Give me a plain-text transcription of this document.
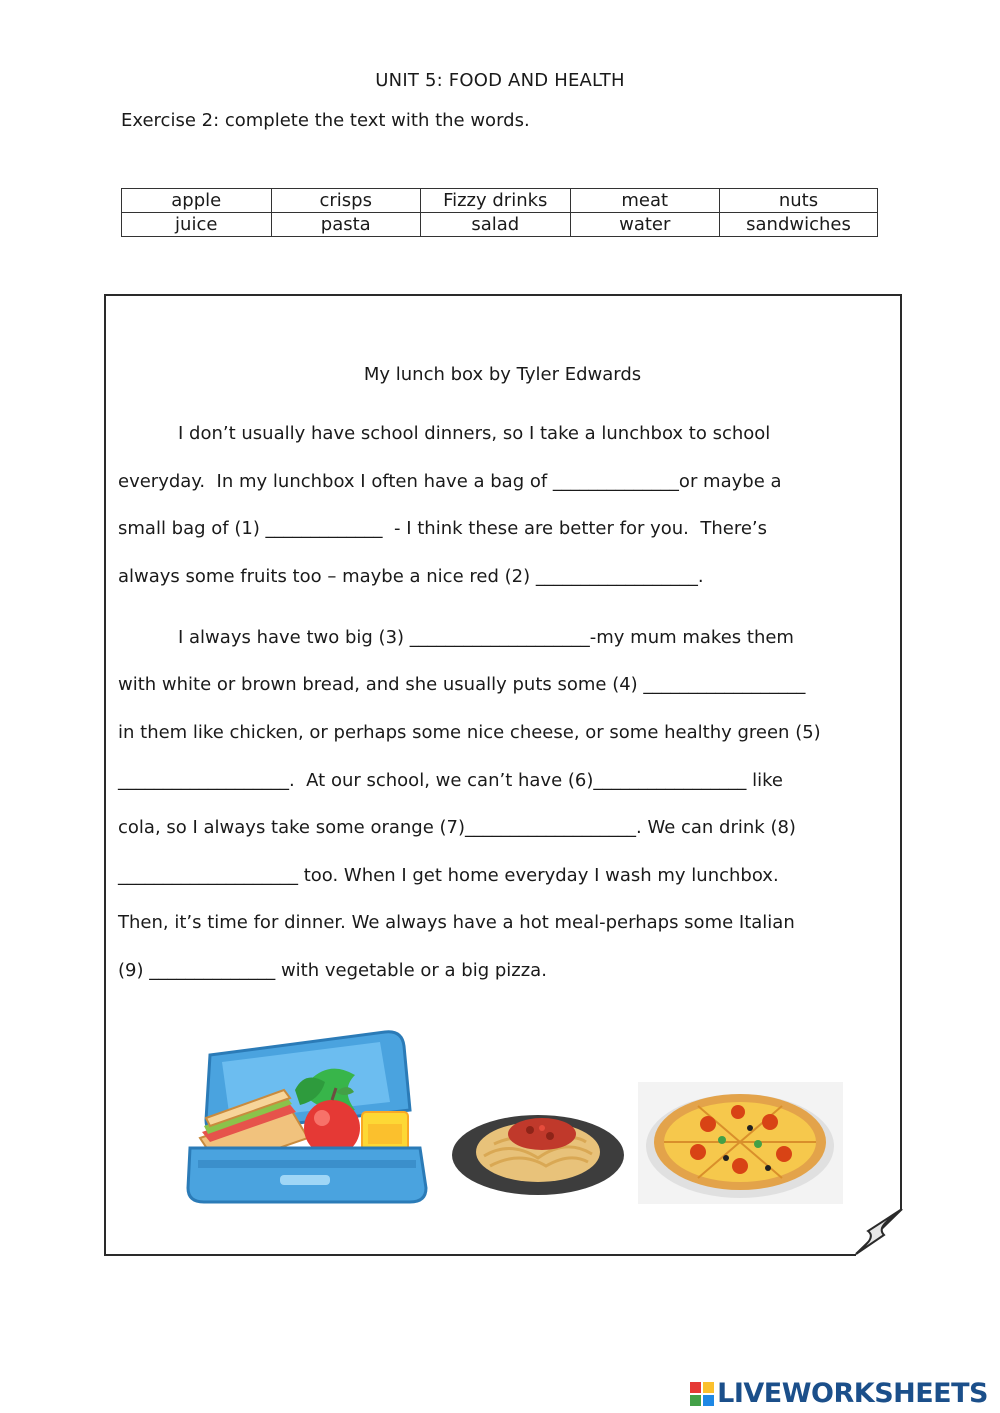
UNIT 5: FOOD AND HEALTH
Exercise 2: complete the text with the words.
apple	crisps	Fizzy drinks	meat	nuts
juice	pasta	salad	water	sandwiches
My lunch box by Tyler Edwards
I don’t usually have school dinners, so I take a lunchbox to school
everyday.  In my lunchbox I often have a bag of ______________or maybe a
small bag of (1) _____________  - I think these are better for you.  There’s
always some fruits too – maybe a nice red (2) __________________.
I always have two big (3) ____________________-my mum makes them
with white or brown bread, and she usually puts some (4) __________________
in them like chicken, or perhaps some nice cheese, or some healthy green (5)
___________________.  At our school, we can’t have (6)_________________ like
cola, so I always take some orange (7)___________________. We can drink (8)
____________________ too. When I get home everyday I wash my lunchbox.
Then, it’s time for dinner. We always have a hot meal-perhaps some Italian
(9) ______________ with vegetable or a big pizza.
LIVEWORKSHEETS
